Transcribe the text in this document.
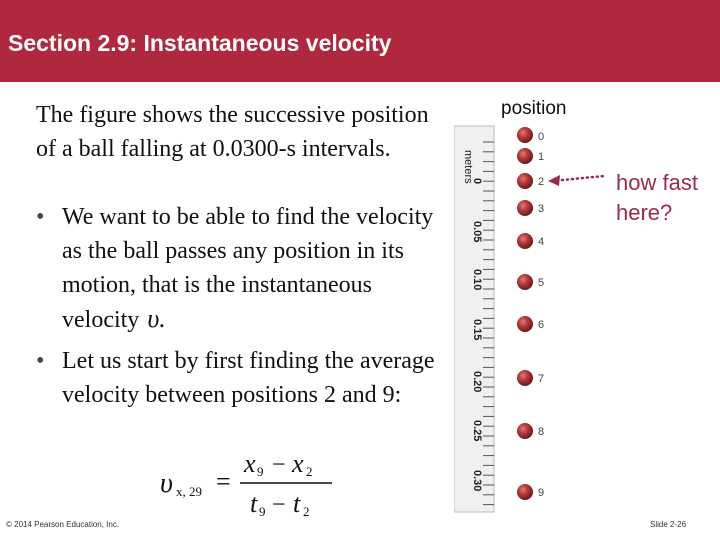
Section 2.9: Instantaneous velocity
The figure shows the successive position of a ball falling at 0.0300-s intervals.
• We want to be able to find the velocity as the ball passes any position in its motion, that is the instantaneous velocity υ.
• Let us start by first finding the average velocity between positions 2 and 9:
υ x, 29 =
x 9 − x 2
t 9 − t 2
position
meters
0
0.05
0.10
0.15
0.20
0.25
0.30
0
1
2
3
4
5
6
7
8
9
how fast
here?
© 2014 Pearson Education, Inc.	Slide 2-26
